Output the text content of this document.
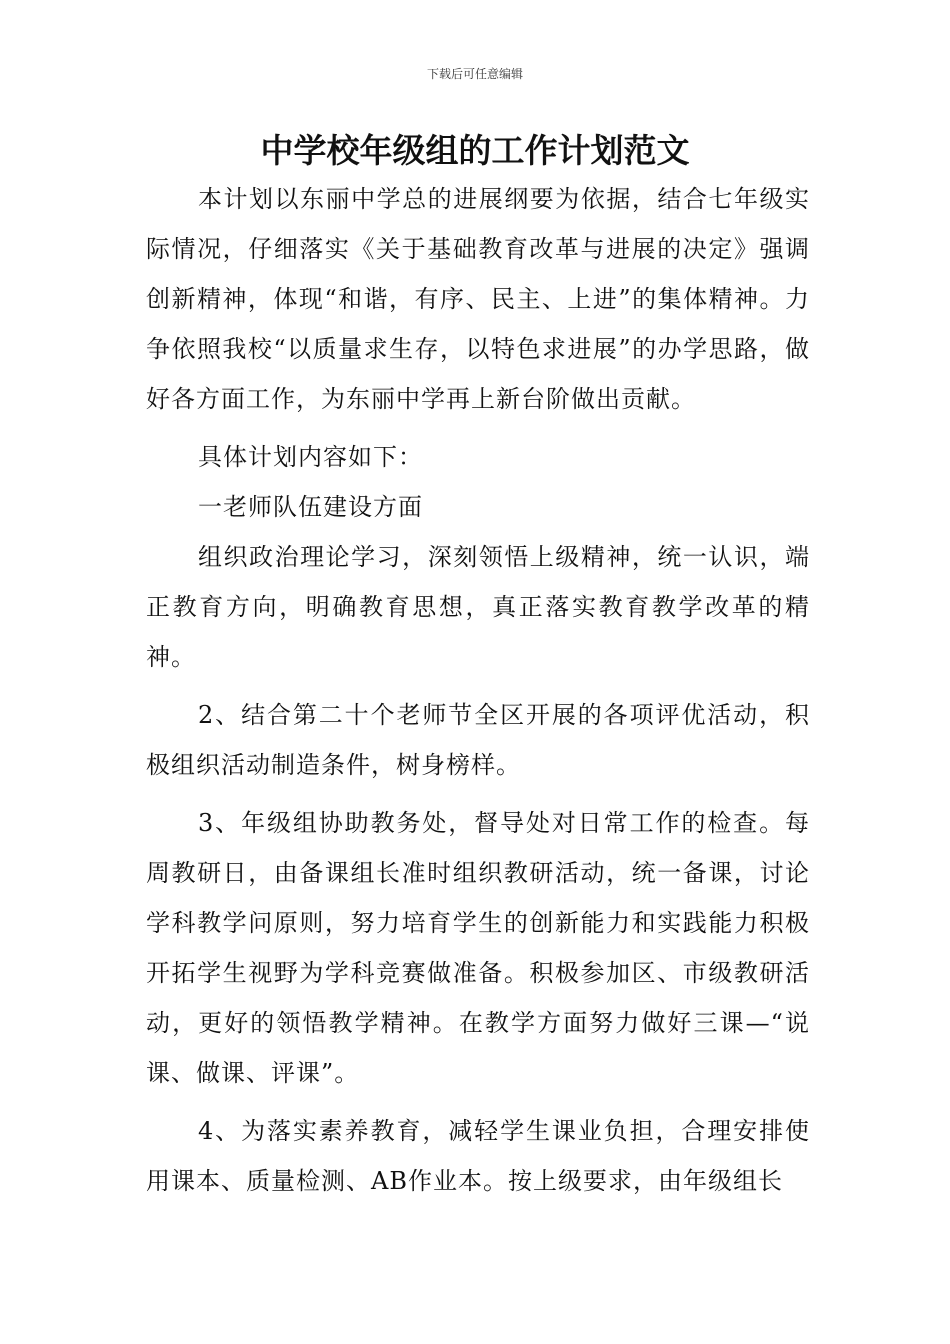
下载后可任意编辑
中学校年级组的工作计划范文

本计划以东丽中学总的进展纲要为依据，结合七年级实际情况，仔细落实《关于基础教育改革与进展的决定》强调创新精神，体现“和谐，有序、民主、上进”的集体精神。力争依照我校“以质量求生存，以特色求进展”的办学思路，做好各方面工作，为东丽中学再上新台阶做出贡献。

具体计划内容如下：

一老师队伍建设方面

组织政治理论学习，深刻领悟上级精神，统一认识，端正教育方向，明确教育思想，真正落实教育教学改革的精神。

2、结合第二十个老师节全区开展的各项评优活动，积极组织活动制造条件，树身榜样。

3、年级组协助教务处，督导处对日常工作的检查。每周教研日，由备课组长准时组织教研活动，统一备课，讨论学科教学问原则，努力培育学生的创新能力和实践能力积极开拓学生视野为学科竞赛做准备。积极参加区、市级教研活动，更好的领悟教学精神。在教学方面努力做好三课—“说课、做课、评课”。

4、为落实素养教育，减轻学生课业负担，合理安排使用课本、质量检测、AB作业本。按上级要求，由年级组长
